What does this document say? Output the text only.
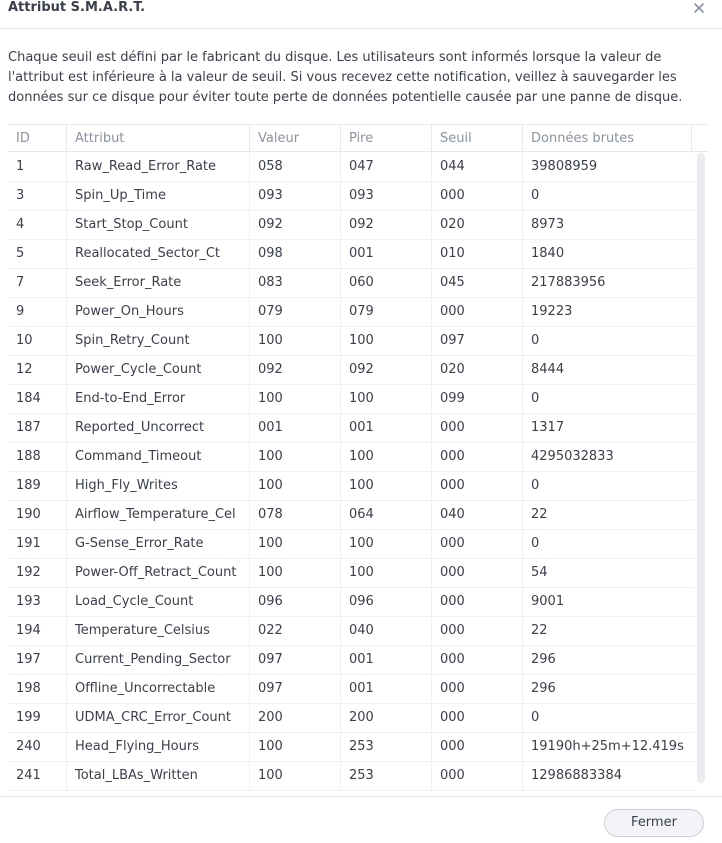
Attribut S.M.A.R.T.
Chaque seuil est défini par le fabricant du disque. Les utilisateurs sont informés lorsque la valeur de l'attribut est inférieure à la valeur de seuil. Si vous recevez cette notification, veillez à sauvegarder les données sur ce disque pour éviter toute perte de données potentielle causée par une panne de disque.
ID	Attribut	Valeur	Pire	Seuil	Données brutes
241	Total_LBAs_Written	100	253	000	12986883384
240	Head_Flying_Hours	100	253	000	19190h+25m+12.419s
199	UDMA_CRC_Error_Count	200	200	000	0
198	Offline_Uncorrectable	097	001	000	296
197	Current_Pending_Sector	097	001	000	296
194	Temperature_Celsius	022	040	000	22
193	Load_Cycle_Count	096	096	000	9001
192	Power-Off_Retract_Count	100	100	000	54
191	G-Sense_Error_Rate	100	100	000	0
190	Airflow_Temperature_Cel	078	064	040	22
189	High_Fly_Writes	100	100	000	0
188	Command_Timeout	100	100	000	4295032833
187	Reported_Uncorrect	001	001	000	1317
184	End-to-End_Error	100	100	099	0
12	Power_Cycle_Count	092	092	020	8444
10	Spin_Retry_Count	100	100	097	0
9	Power_On_Hours	079	079	000	19223
7	Seek_Error_Rate	083	060	045	217883956
5	Reallocated_Sector_Ct	098	001	010	1840
4	Start_Stop_Count	092	092	020	8973
3	Spin_Up_Time	093	093	000	0
1	Raw_Read_Error_Rate	058	047	044	39808959
Fermer
